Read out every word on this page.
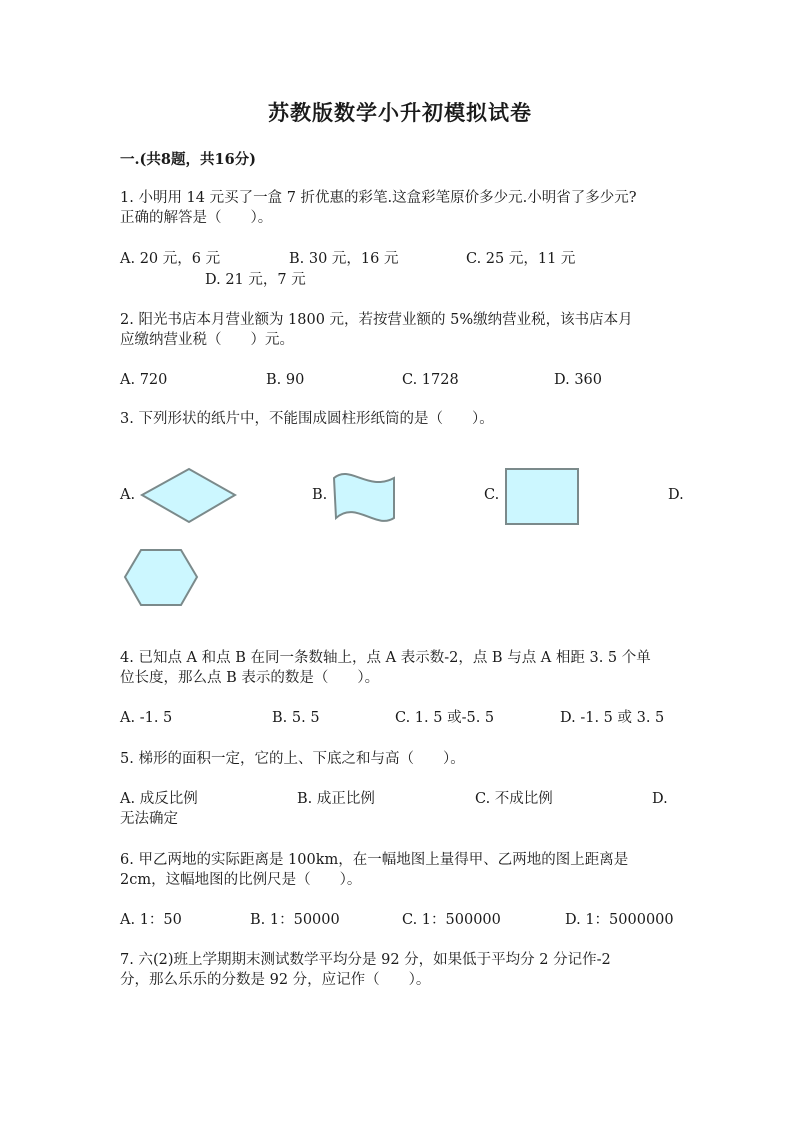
苏教版数学小升初模拟试卷
一.(共8题，共16分)
1. 小明用 14 元买了一盒 7 折优惠的彩笔.这盒彩笔原价多少元.小明省了多少元?
正确的解答是（　　）。
A. 20 元，6 元	B. 30 元，16 元	C. 25 元，11 元
D. 21 元，7 元
2. 阳光书店本月营业额为 1800 元，若按营业额的 5%缴纳营业税，该书店本月
应缴纳营业税（　　）元。
A. 720	B. 90	C. 1728	D. 360
3. 下列形状的纸片中，不能围成圆柱形纸筒的是（　　）。
A.	B.	C.	D.
4. 已知点 A 和点 B 在同一条数轴上，点 A 表示数-2，点 B 与点 A 相距 3. 5 个单
位长度，那么点 B 表示的数是（　　）。
A. -1. 5	B. 5. 5	C. 1. 5 或-5. 5	D. -1. 5 或 3. 5
5. 梯形的面积一定，它的上、下底之和与高（　　）。
A. 成反比例	B. 成正比例	C. 不成比例	D.
无法确定
6. 甲乙两地的实际距离是 100km，在一幅地图上量得甲、乙两地的图上距离是
2cm，这幅地图的比例尺是（　　）。
A. 1：50	B. 1：50000	C. 1：500000	D. 1：5000000
7. 六(2)班上学期期末测试数学平均分是 92 分，如果低于平均分 2 分记作-2
分，那么乐乐的分数是 92 分，应记作（　　）。
